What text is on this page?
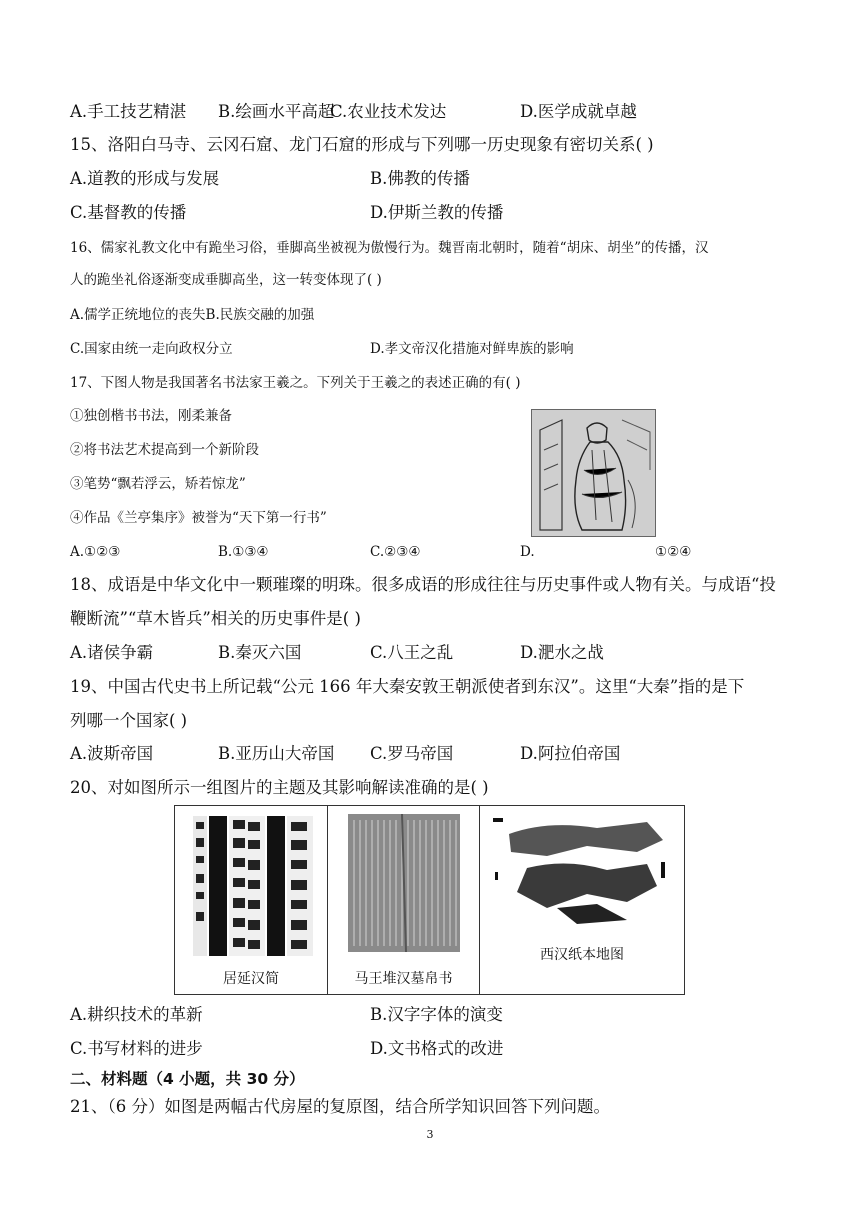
A.手工技艺精湛 B.绘画水平高超
C.农业技术发达	D.医学成就卓越
15、洛阳白马寺、云冈石窟、龙门石窟的形成与下列哪一历史现象有密切关系( )
A.道教的形成与发展	B.佛教的传播
C.基督教的传播	D.伊斯兰教的传播
16、儒家礼教文化中有跪坐习俗，垂脚高坐被视为傲慢行为。魏晋南北朝时，随着“胡床、胡坐”的传播，汉
人的跪坐礼俗逐渐变成垂脚高坐，这一转变体现了( )
A.儒学正统地位的丧失B.民族交融的加强
C.国家由统一走向政权分立	D.孝文帝汉化措施对鲜卑族的影响
17、下图人物是我国著名书法家王羲之。下列关于王羲之的表述正确的有( )
①独创楷书书法，刚柔兼备
②将书法艺术提高到一个新阶段
③笔势“飘若浮云，矫若惊龙”
④作品《兰亭集序》被誉为“天下第一行书”
A.①②③	B.①③④	C.②③④	D.	①②④
18、成语是中华文化中一颗璀璨的明珠。很多成语的形成往往与历史事件或人物有关。与成语“投
鞭断流”“草木皆兵”相关的历史事件是( )
A.诸侯争霸	B.秦灭六国	C.八王之乱	D.淝水之战
19、中国古代史书上所记载“公元 166 年大秦安敦王朝派使者到东汉”。这里“大秦”指的是下
列哪一个国家( )
A.波斯帝国	B.亚历山大帝国 C.罗马帝国	D.阿拉伯帝国
20、对如图所示一组图片的主题及其影响解读准确的是( )
居延汉简	马王堆汉墓帛书
西汉纸本地图
A.耕织技术的革新	B.汉字字体的演变
C.书写材料的进步	D.文书格式的改进
二、材料题（4 小题，共 30 分）
21、（6 分）如图是两幅古代房屋的复原图，结合所学知识回答下列问题。
3
